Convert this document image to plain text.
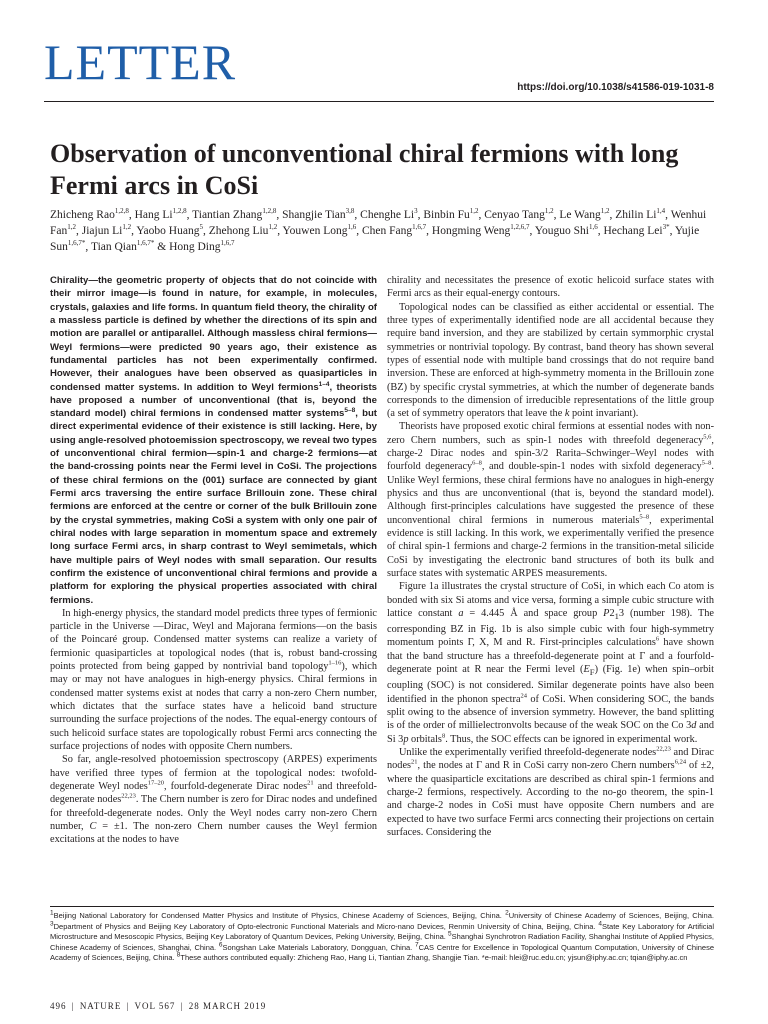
LETTER	https://doi.org/10.1038/s41586-019-1031-8
Observation of unconventional chiral fermions with long Fermi arcs in CoSi
Zhicheng Rao$^{1,2,8}$, Hang Li$^{1,2,8}$, Tiantian Zhang$^{1,2,8}$, Shangjie Tian$^{3,8}$, Chenghe Li$^3$, Binbin Fu$^{1,2}$, Cenyao Tang$^{1,2}$, Le Wang$^{1,2}$, Zhilin Li$^{1,4}$, Wenhui Fan$^{1,2}$, Jiajun Li$^{1,2}$, Yaobo Huang$^5$, Zhehong Liu$^{1,2}$, Youwen Long$^{1,6}$, Chen Fang$^{1,6,7}$, Hongming Weng$^{1,2,6,7}$, Youguo Shi$^{1,6}$, Hechang Lei$^{3*}$, Yujie Sun$^{1,6,7*}$, Tian Qian$^{1,6,7*}$ & Hong Ding$^{1,6,7}$

Chirality—the geometric property of objects that do not coincide with their mirror image—is found in nature, for example, in molecules, crystals, galaxies and life forms. In quantum field theory, the chirality of a massless particle is defined by whether the directions of its spin and motion are parallel or antiparallel. Although massless chiral fermions—Weyl fermions—were predicted 90 years ago, their existence as fundamental particles has not been experimentally confirmed. However, their analogues have been observed as quasiparticles in condensed matter systems. In addition to Weyl fermions$^{1-4}$, theorists have proposed a number of unconventional (that is, beyond the standard model) chiral fermions in condensed matter systems$^{5-8}$, but direct experimental evidence of their existence is still lacking. Here, by using angle-resolved photoemission spectroscopy, we reveal two types of unconventional chiral fermion—spin-1 and charge-2 fermions—at the band-crossing points near the Fermi level in CoSi. The projections of these chiral fermions on the (001) surface are connected by giant Fermi arcs traversing the entire surface Brillouin zone. These chiral fermions are enforced at the centre or corner of the bulk Brillouin zone by the crystal symmetries, making CoSi a system with only one pair of chiral nodes with large separation in momentum space and extremely long surface Fermi arcs, in sharp contrast to Weyl semimetals, which have multiple pairs of Weyl nodes with small separation. Our results confirm the existence of unconventional chiral fermions and provide a platform for exploring the physical properties associated with chiral fermions.

In high-energy physics, the standard model predicts three types of fermionic particle in the Universe —Dirac, Weyl and Majorana fermions—on the basis of the Poincaré group. Condensed matter systems can realize a variety of fermionic quasiparticles at topological nodes (that is, robust band-crossing points protected from being gapped by nontrivial band topology$^{1-16}$), which may or may not have analogues in high-energy physics. Chiral fermions in condensed matter systems exist at nodes that carry a non-zero Chern number, which dictates that the surface states have a helicoid band structure surrounding the surface projections of the nodes. The equal-energy contours of such helicoid surface states are topologically robust Fermi arcs connecting the surface projections of nodes with opposite Chern numbers.

So far, angle-resolved photoemission spectroscopy (ARPES) experiments have verified three types of fermion at the topological nodes: twofold-degenerate Weyl nodes$^{17-20}$, fourfold-degenerate Dirac nodes$^{21}$ and threefold-degenerate nodes$^{22,23}$. The Chern number is zero for Dirac nodes and undefined for threefold-degenerate nodes. Only the Weyl nodes carry non-zero Chern number, C = ±1. The non-zero Chern number causes the Weyl fermion excitations at the nodes to have

chirality and necessitates the presence of exotic helicoid surface states with Fermi arcs as their equal-energy contours.

Topological nodes can be classified as either accidental or essential. The three types of experimentally identified node are all accidental because they require band inversion, and they are stabilized by certain symmorphic crystal symmetries or nontrivial topology. By contrast, band theory has shown several types of essential node with multiple band crossings that do not require band inversion. These are enforced at high-symmetry momenta in the Brillouin zone (BZ) by specific crystal symmetries, at which the number of degenerate bands corresponds to the dimension of irreducible representations of the little group (a set of symmetry operators that leave the k point invariant).

Theorists have proposed exotic chiral fermions at essential nodes with non-zero Chern numbers, such as spin-1 nodes with threefold degeneracy$^{5,6}$, charge-2 Dirac nodes and spin-3/2 Rarita–Schwinger–Weyl nodes with fourfold degeneracy$^{6-8}$, and double-spin-1 nodes with sixfold degeneracy$^{5-8}$. Unlike Weyl fermions, these chiral fermions have no analogues in high-energy physics and thus are unconventional (that is, beyond the standard model). Although first-principles calculations have suggested the presence of these unconventional chiral fermions in numerous materials$^{5-8}$, experimental evidence is still lacking. In this work, we experimentally verified the presence of chiral spin-1 fermions and charge-2 fermions in the transition-metal silicide CoSi by investigating the electronic band structures of both its bulk and surface states with systematic ARPES measurements.

Figure 1a illustrates the crystal structure of CoSi, in which each Co atom is bonded with six Si atoms and vice versa, forming a simple cubic structure with lattice constant a = 4.445 Å and space group $P2_13$ (number 198). The corresponding BZ in Fig. 1b is also simple cubic with four high-symmetry momentum points Γ, X, M and R. First-principles calculations$^6$ have shown that the band structure has a threefold-degenerate point at Γ and a fourfold-degenerate point at R near the Fermi level $(E_F)$ (Fig. 1e) when spin–orbit coupling (SOC) is not considered. Similar degenerate points have also been identified in the phonon spectra$^{24}$ of CoSi. When considering SOC, the bands split owing to the absence of inversion symmetry. However, the band splitting is of the order of millielectronvolts because of the weak SOC on the Co 3d and Si 3p orbitals$^8$. Thus, the SOC effects can be ignored in experimental work.

Unlike the experimentally verified threefold-degenerate nodes$^{22,23}$ and Dirac nodes$^{21}$, the nodes at Γ and R in CoSi carry non-zero Chern numbers$^{6,24}$ of ±2, where the quasiparticle excitations are described as chiral spin-1 fermions and charge-2 fermions, respectively. According to the no-go theorem, the spin-1 and charge-2 nodes in CoSi must have opposite Chern numbers and are expected to have two surface Fermi arcs connecting their projections on certain surfaces. Considering the

$^1$Beijing National Laboratory for Condensed Matter Physics and Institute of Physics, Chinese Academy of Sciences, Beijing, China. $^2$University of Chinese Academy of Sciences, Beijing, China. $^3$Department of Physics and Beijing Key Laboratory of Opto-electronic Functional Materials and Micro-nano Devices, Renmin University of China, Beijing, China. $^4$State Key Laboratory for Artificial Microstructure and Mesoscopic Physics, Beijing Key Laboratory of Quantum Devices, Peking University, Beijing, China. $^5$Shanghai Synchrotron Radiation Facility, Shanghai Institute of Applied Physics, Chinese Academy of Sciences, Shanghai, China. $^6$Songshan Lake Materials Laboratory, Dongguan, China. $^7$CAS Centre for Excellence in Topological Quantum Computation, University of Chinese Academy of Sciences, Beijing, China. $^8$These authors contributed equally: Zhicheng Rao, Hang Li, Tiantian Zhang, Shangjie Tian. *e-mail: hlei@ruc.edu.cn; yjsun@iphy.ac.cn; tqian@iphy.ac.cn
496 | NATURE | VOL 567 | 28 MARCH 2019
